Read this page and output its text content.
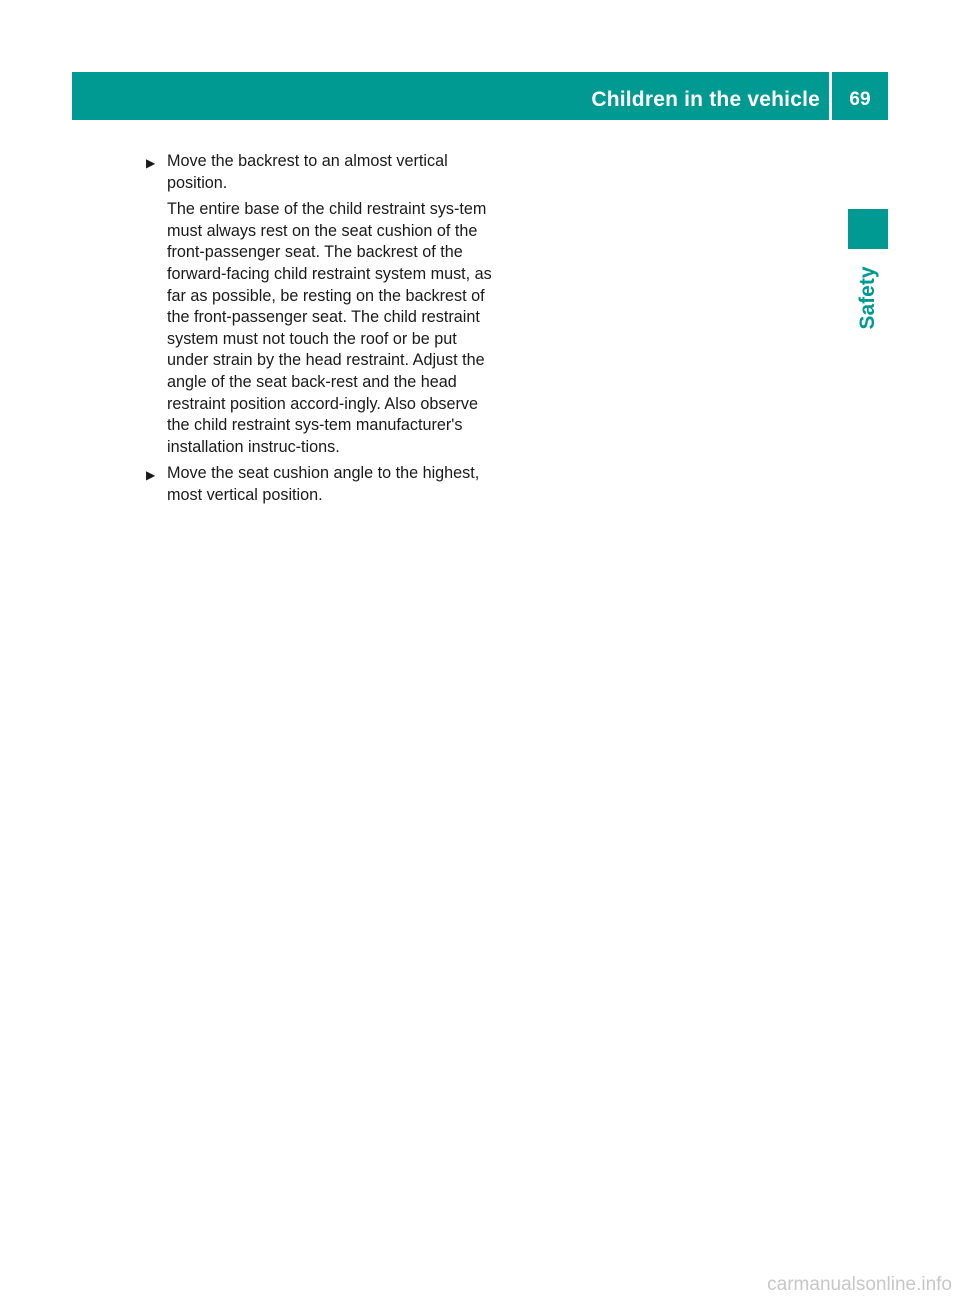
Children in the vehicle	69
Safety
▶ Move the backrest to an almost vertical position.

The entire base of the child restraint sys-tem must always rest on the seat cushion of the front-passenger seat. The backrest of the forward-facing child restraint system must, as far as possible, be resting on the backrest of the front-passenger seat. The child restraint system must not touch the roof or be put under strain by the head restraint. Adjust the angle of the seat back-rest and the head restraint position accord-ingly. Also observe the child restraint sys-tem manufacturer's installation instruc-tions.

▶ Move the seat cushion angle to the highest, most vertical position.

carmanualsonline.info
